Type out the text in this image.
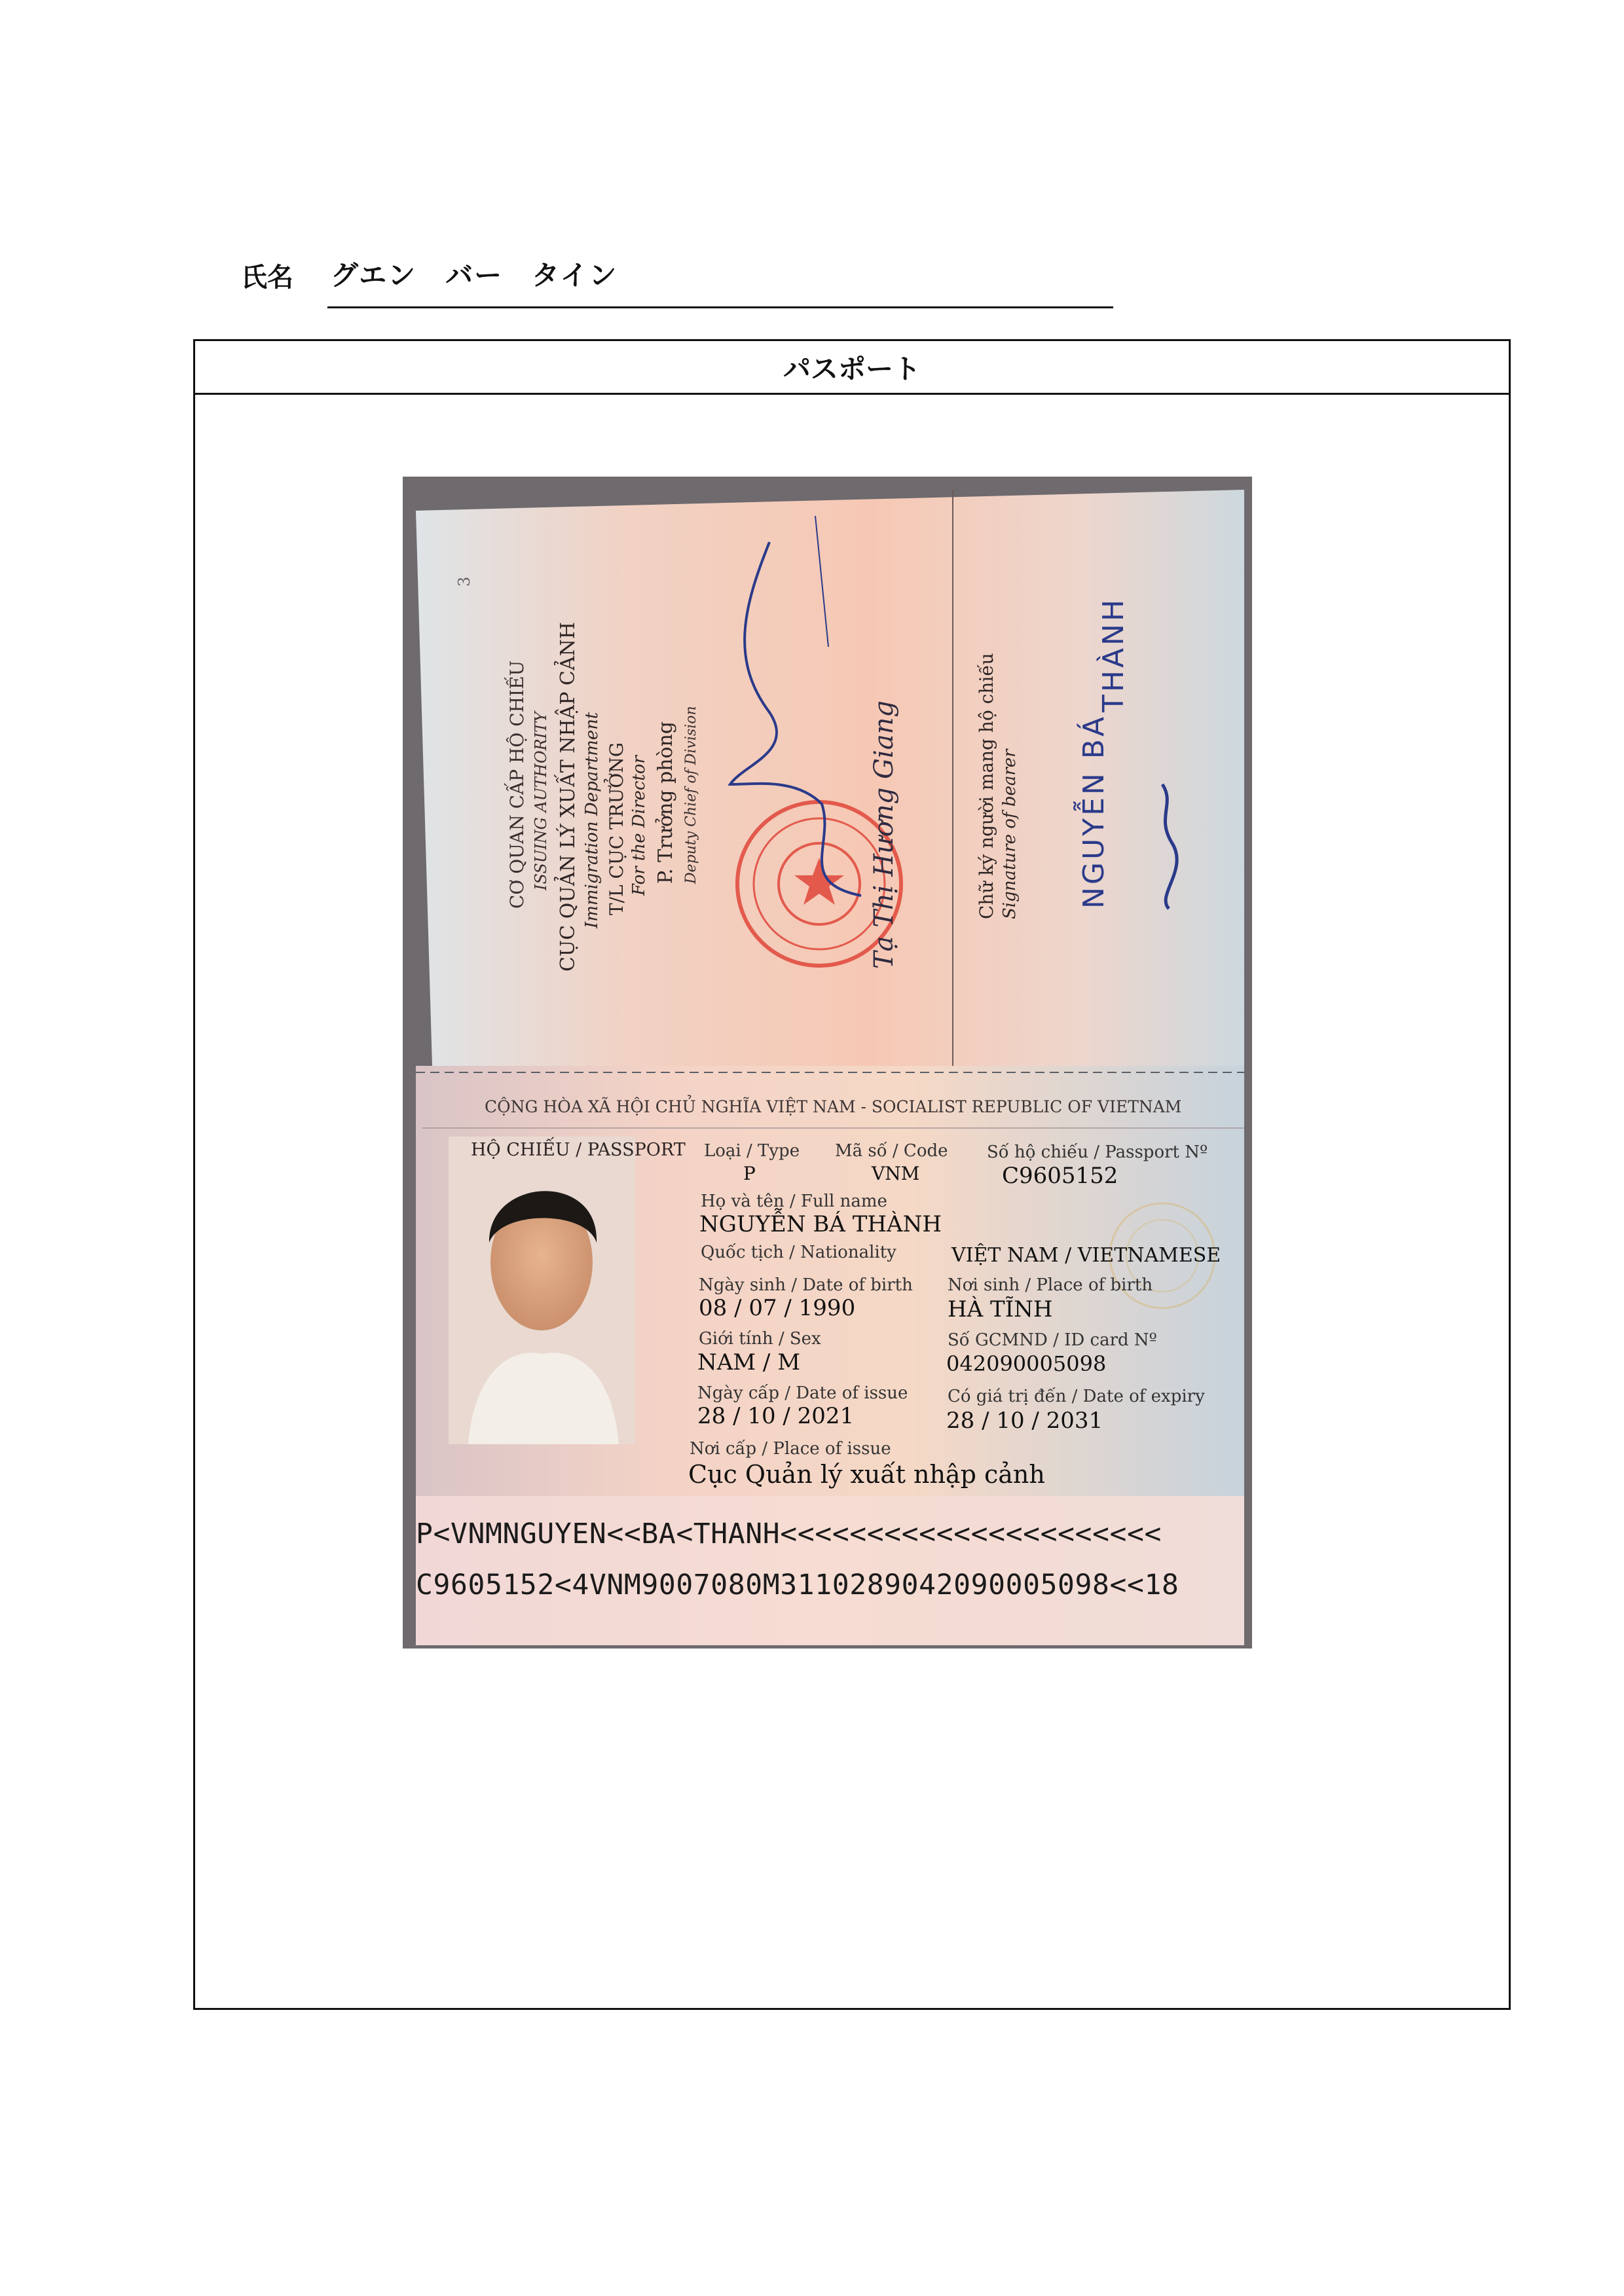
氏名 グエン　バー　タイン
パスポート
3
CƠ QUAN CẤP HỘ CHIẾU ISSUING AUTHORITY CỤC QUẢN LÝ XUẤT NHẬP CẢNH Immigration Department T/L CỤC TRƯỞNG For the Director P. Trưởng phòng Deputy Chief of Division	Tạ Thị Hương Giang	Chữ ký người mang hộ chiếu Signature of bearer
THÀNH
NGUYỄN BÁ
CỘNG HÒA XÃ HỘI CHỦ NGHĨA VIỆT NAM - SOCIALIST REPUBLIC OF VIETNAM
HỘ CHIẾU / PASSPORT Loại / Type
P
Mã số / Code
VNM
Số hộ chiếu / Passport Nº
C9605152
Họ và tên / Full name
NGUYỄN BÁ THÀNH
Quốc tịch / Nationality	VIỆT NAM / VIETNAMESE
Ngày sinh / Date of birth
08 / 07 / 1990
Nơi sinh / Place of birth
HÀ TĨNH
Giới tính / Sex
NAM / M
Số GCMND / ID card Nº
042090005098
Ngày cấp / Date of issue
28 / 10 / 2021
Có giá trị đến / Date of expiry
28 / 10 / 2031
Nơi cấp / Place of issue
Cục Quản lý xuất nhập cảnh
P<VNMNGUYEN<<BA<THANH<<<<<<<<<<<<<<<<<<<<<<
C9605152<4VNM9007080M3110289042090005098<<18
